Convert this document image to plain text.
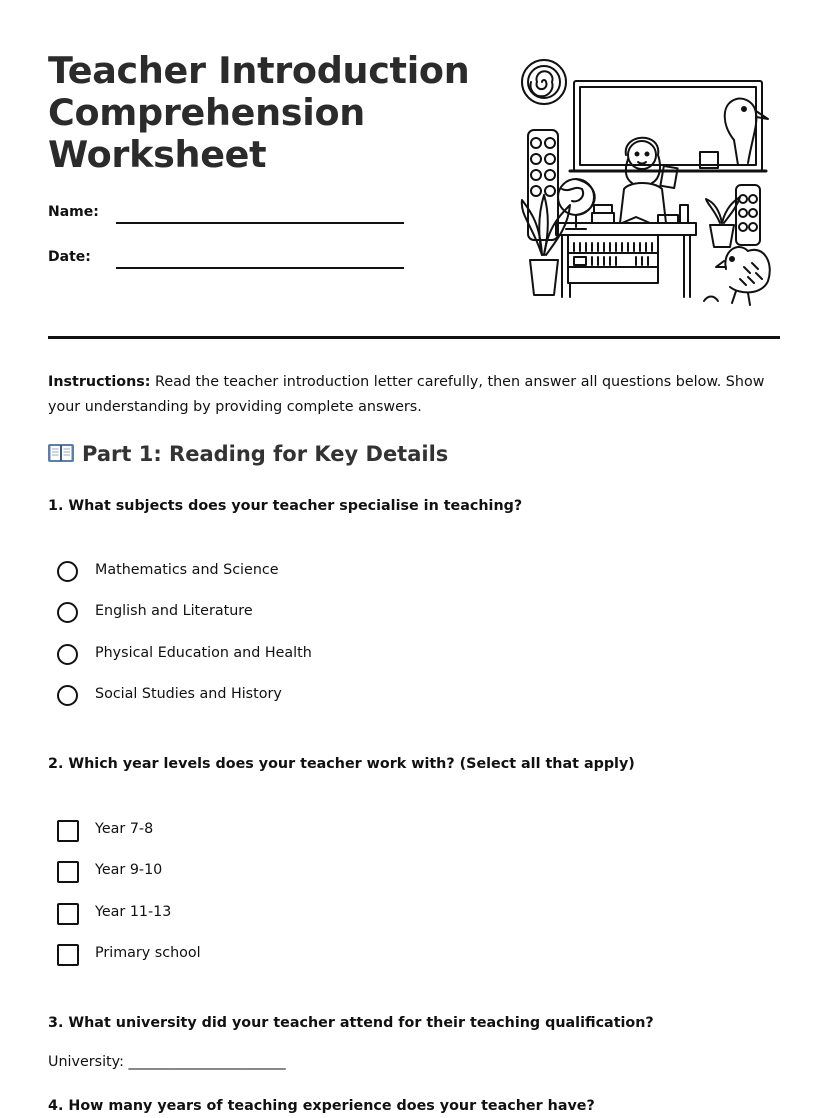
Teacher Introduction Comprehension Worksheet
Name:
Date:

Instructions: Read the teacher introduction letter carefully, then answer all questions below. Show your understanding by providing complete answers.

Part 1: Reading for Key Details

1. What subjects does your teacher specialise in teaching?

Mathematics and Science
English and Literature
Physical Education and Health
Social Studies and History

2. Which year levels does your teacher work with? (Select all that apply)

Year 7-8
Year 9-10
Year 11-13
Primary school

3. What university did your teacher attend for their teaching qualification?

University: ______________________

4. How many years of teaching experience does your teacher have?
